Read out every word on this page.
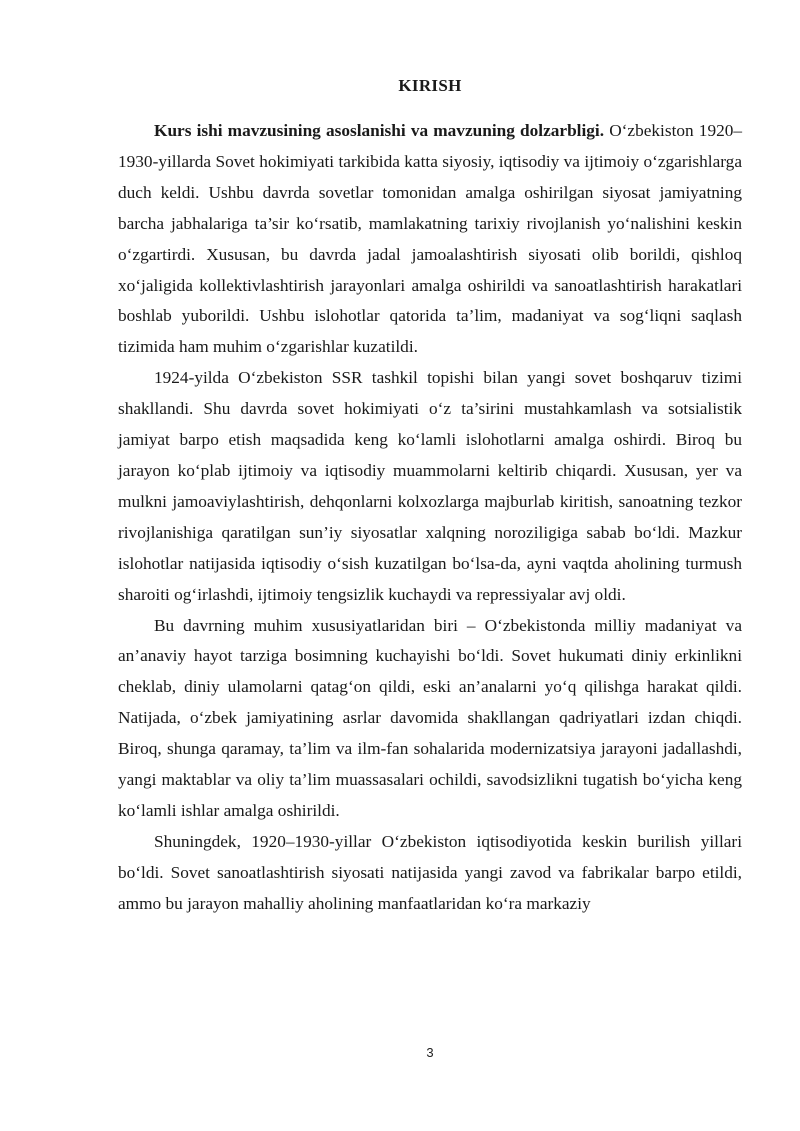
KIRISH

Kurs ishi mavzusining asoslanishi va mavzuning dolzarbligi. O‘zbekiston 1920–1930-yillarda Sovet hokimiyati tarkibida katta siyosiy, iqtisodiy va ijtimoiy o‘zgarishlarga duch keldi. Ushbu davrda sovetlar tomonidan amalga oshirilgan siyosat jamiyatning barcha jabhalariga ta’sir ko‘rsatib, mamlakatning tarixiy rivojlanish yo‘nalishini keskin o‘zgartirdi. Xususan, bu davrda jadal jamoalashtirish siyosati olib borildi, qishloq xo‘jaligida kollektivlashtirish jarayonlari amalga oshirildi va sanoatlashtirish harakatlari boshlab yuborildi. Ushbu islohotlar qatorida ta’lim, madaniyat va sog‘liqni saqlash tizimida ham muhim o‘zgarishlar kuzatildi.

1924-yilda O‘zbekiston SSR tashkil topishi bilan yangi sovet boshqaruv tizimi shakllandi. Shu davrda sovet hokimiyati o‘z ta’sirini mustahkamlash va sotsialistik jamiyat barpo etish maqsadida keng ko‘lamli islohotlarni amalga oshirdi. Biroq bu jarayon ko‘plab ijtimoiy va iqtisodiy muammolarni keltirib chiqardi. Xususan, yer va mulkni jamoaviylashtirish, dehqonlarni kolxozlarga majburlab kiritish, sanoatning tezkor rivojlanishiga qaratilgan sun’iy siyosatlar xalqning noroziligiga sabab bo‘ldi. Mazkur islohotlar natijasida iqtisodiy o‘sish kuzatilgan bo‘lsa-da, ayni vaqtda aholining turmush sharoiti og‘irlashdi, ijtimoiy tengsizlik kuchaydi va repressiyalar avj oldi.

Bu davrning muhim xususiyatlaridan biri – O‘zbekistonda milliy madaniyat va an’anaviy hayot tarziga bosimning kuchayishi bo‘ldi. Sovet hukumati diniy erkinlikni cheklab, diniy ulamolarni qatag‘on qildi, eski an’analarni yo‘q qilishga harakat qildi. Natijada, o‘zbek jamiyatining asrlar davomida shakllangan qadriyatlari izdan chiqdi. Biroq, shunga qaramay, ta’lim va ilm-fan sohalarida modernizatsiya jarayoni jadallashdi, yangi maktablar va oliy ta’lim muassasalari ochildi, savodsizlikni tugatish bo‘yicha keng ko‘lamli ishlar amalga oshirildi.

Shuningdek, 1920–1930-yillar O‘zbekiston iqtisodiyotida keskin burilish yillari bo‘ldi. Sovet sanoatlashtirish siyosati natijasida yangi zavod va fabrikalar barpo etildi, ammo bu jarayon mahalliy aholining manfaatlaridan ko‘ra markaziy

3
